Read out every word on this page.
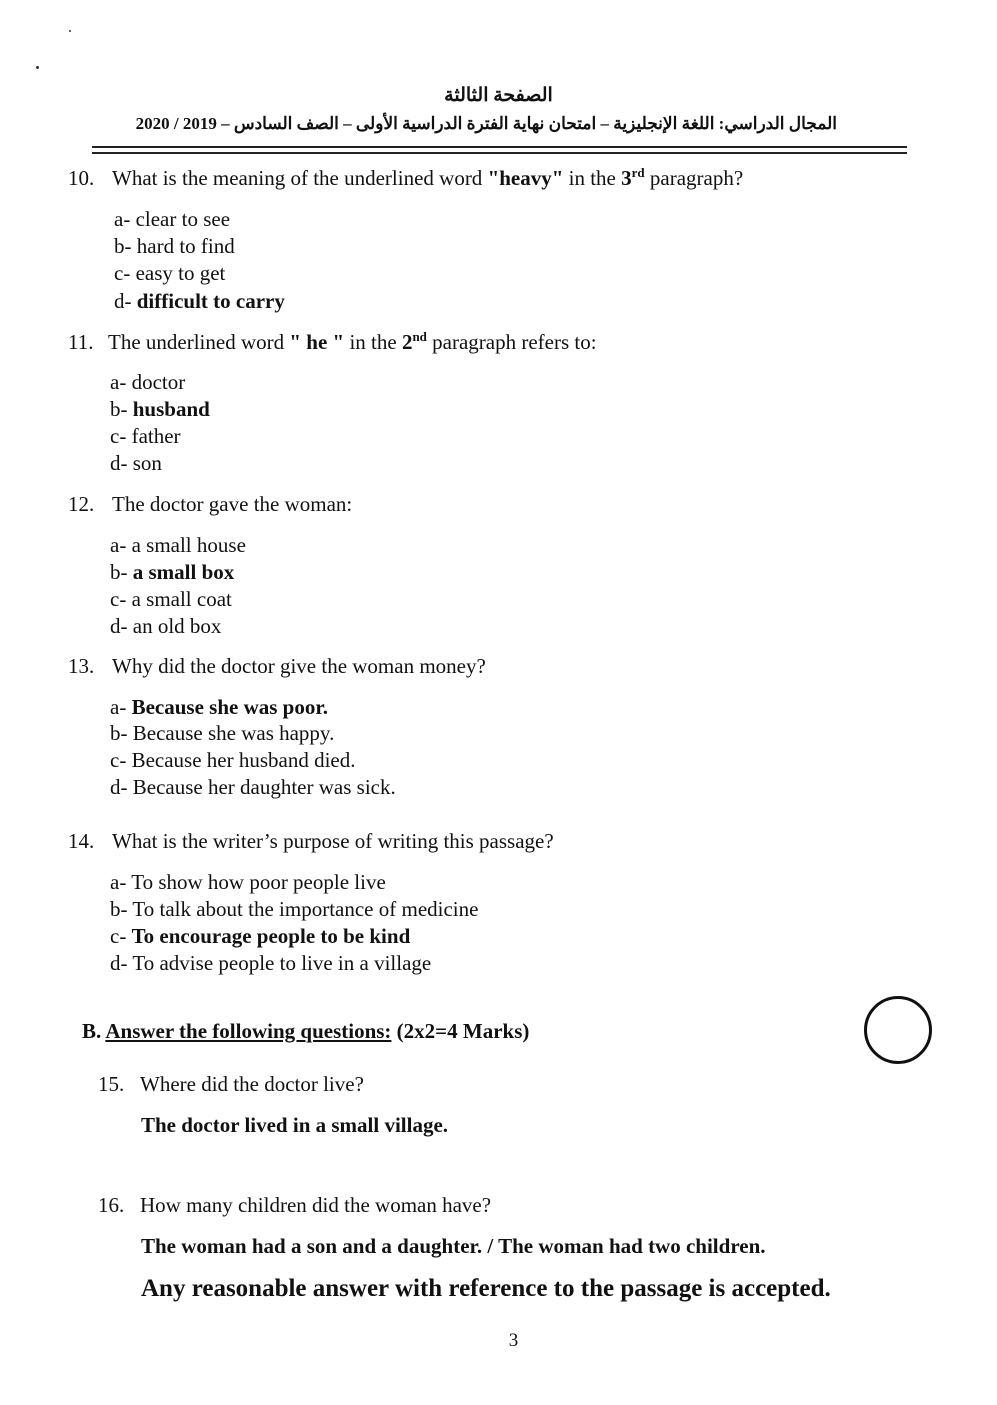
الصفحة الثالثة
المجال الدراسي: اللغة الإنجليزية – امتحان نهاية الفترة الدراسية الأولى – الصف السادس – 2019 / 2020
10. What is the meaning of the underlined word "heavy" in the 3rd paragraph?
a- clear to see
b- hard to find
c- easy to get
d- difficult to carry
11. The underlined word " he " in the 2nd paragraph refers to:
a- doctor
b- husband
c- father
d- son
12. The doctor gave the woman:
a- a small house
b- a small box
c- a small coat
d- an old box
13. Why did the doctor give the woman money?
a- Because she was poor.
b- Because she was happy.
c- Because her husband died.
d- Because her daughter was sick.
14. What is the writer’s purpose of writing this passage?
a- To show how poor people live
b- To talk about the importance of medicine
c- To encourage people to be kind
d- To advise people to live in a village
B. Answer the following questions: (2x2=4 Marks)
15. Where did the doctor live?
The doctor lived in a small village.
16. How many children did the woman have?
The woman had a son and a daughter. / The woman had two children.
Any reasonable answer with reference to the passage is accepted.
3
